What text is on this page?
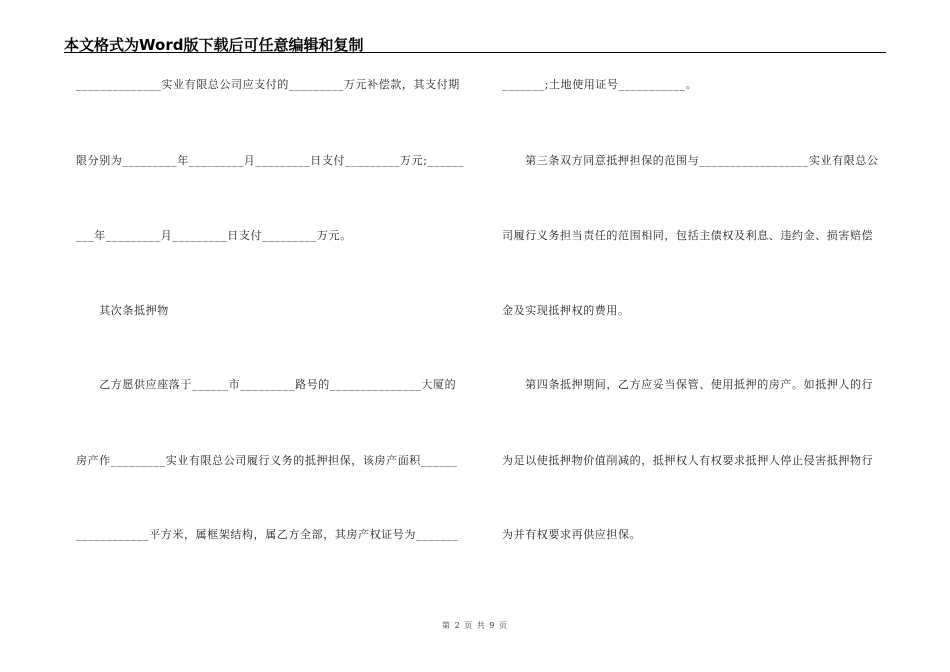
本文格式为Word版下载后可任意编辑和复制
______________实业有限总公司应支付的_________万元补偿款，其支付期
限分别为_________年_________月_________日支付_________万元;______
___年_________月_________日支付_________万元。
　　其次条抵押物
　　乙方愿供应座落于______市_________路号的_______________大厦的
房产作_________实业有限总公司履行义务的抵押担保，该房产面积______
____________平方米，属框架结构，属乙方全部，其房产权证号为_______
_______;土地使用证号___________。
　　第三条双方同意抵押担保的范围与__________________实业有限总公
司履行义务担当责任的范围相同，包括主债权及利息、违约金、损害赔偿
金及实现抵押权的费用。
　　第四条抵押期间，乙方应妥当保管、使用抵押的房产。如抵押人的行
为足以使抵押物价值削减的，抵押权人有权要求抵押人停止侵害抵押物行
为并有权要求再供应担保。
第 2 页 共 9 页
